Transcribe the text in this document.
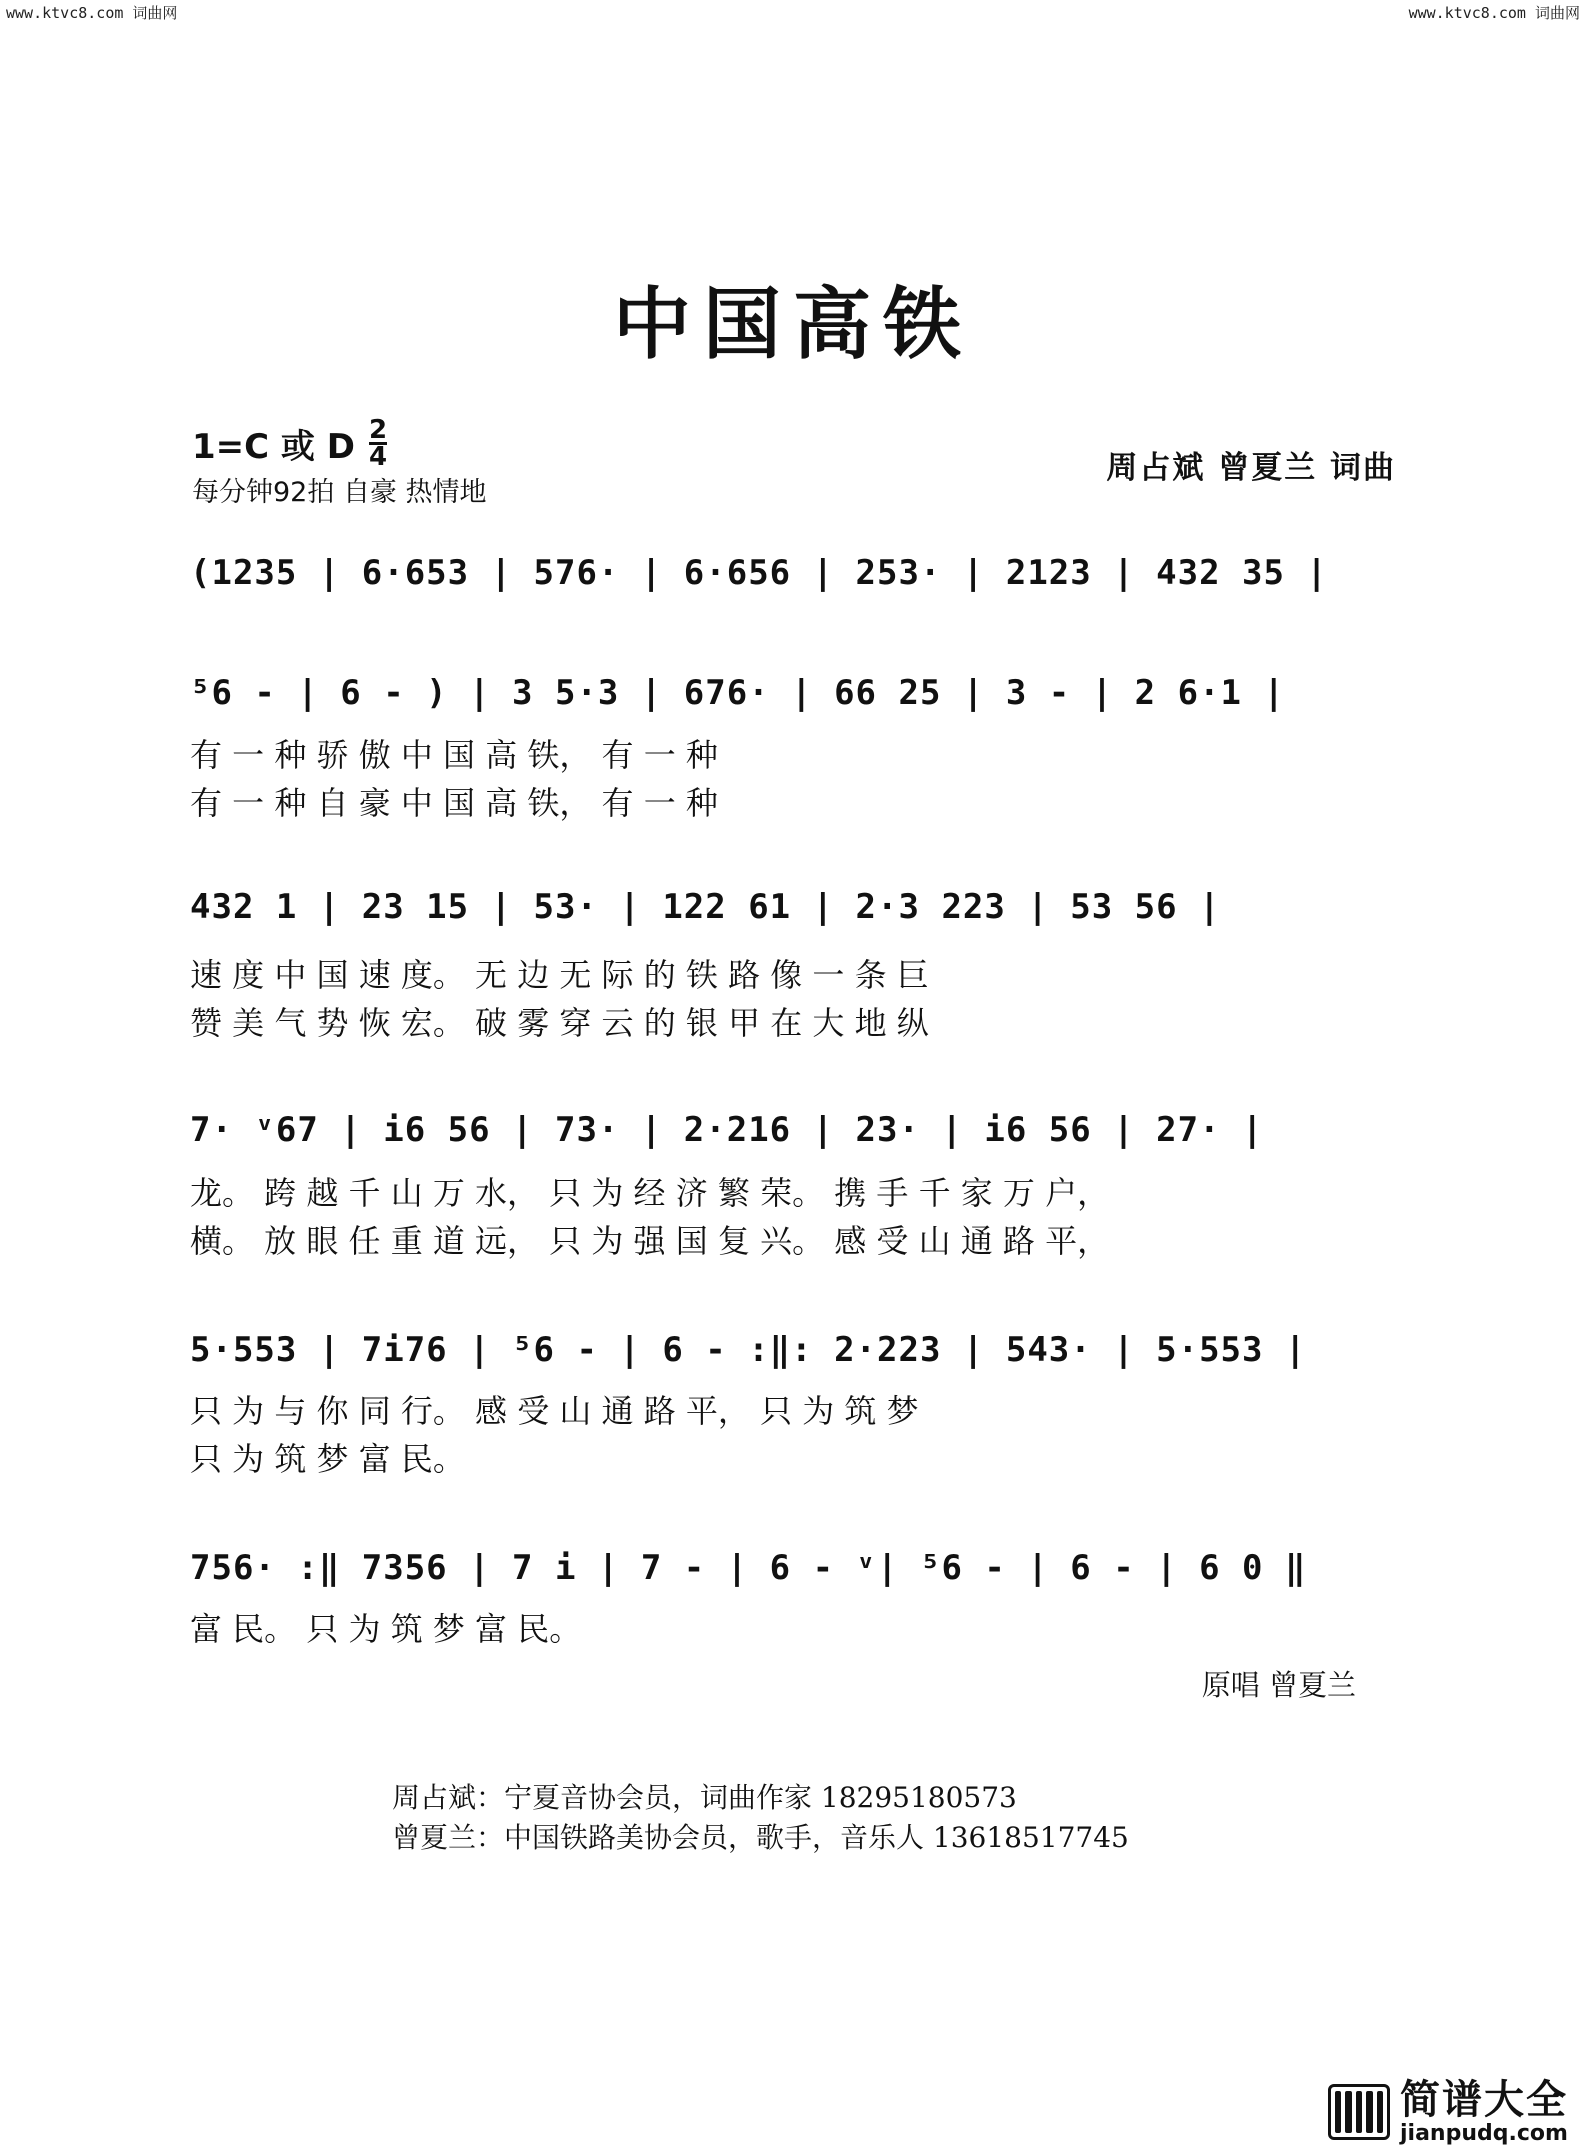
www.ktvc8.com 词曲网	www.ktvc8.com 词曲网
中国高铁
1=C 或 D 2
4
每分钟92拍 自豪 热情地
周占斌 曾夏兰 词曲
(1235 | 6·653 | 576· | 6·656 | 253· | 2123 | 432 35 |
⁵6 - | 6 - ) | 3 5·3 | 676· | 66 25 | 3 - | 2 6·1 |
有 一 种 骄 傲 中 国 高 铁， 有 一 种
有 一 种 自 豪 中 国 高 铁， 有 一 种
432 1 | 23 15 | 53· | 122 61 | 2·3 223 | 53 56 |
速 度 中 国 速 度。 无 边 无 际 的 铁 路 像 一 条 巨
赞 美 气 势 恢 宏。 破 雾 穿 云 的 银 甲 在 大 地 纵
7· ᵛ67 | i6 56 | 73· | 2·216 | 23· | i6 56 | 27· |
龙。 跨 越 千 山 万 水， 只 为 经 济 繁 荣。 携 手 千 家 万 户，
横。 放 眼 任 重 道 远， 只 为 强 国 复 兴。 感 受 山 通 路 平，
5·553 | 7i76 | ⁵6 - | 6 - :‖: 2·223 | 543· | 5·553 |
只 为 与 你 同 行。 感 受 山 通 路 平， 只 为 筑 梦
只 为 筑 梦 富 民。
756· :‖ 7356 | 7 i | 7 - | 6 - ᵛ| ⁵6 - | 6 - | 6 0 ‖
富 民。 只 为 筑 梦 富 民。
原唱 曾夏兰
周占斌：宁夏音协会员，词曲作家 18295180573
曾夏兰：中国铁路美协会员，歌手，音乐人 13618517745
简谱大全
jianpudq.com
